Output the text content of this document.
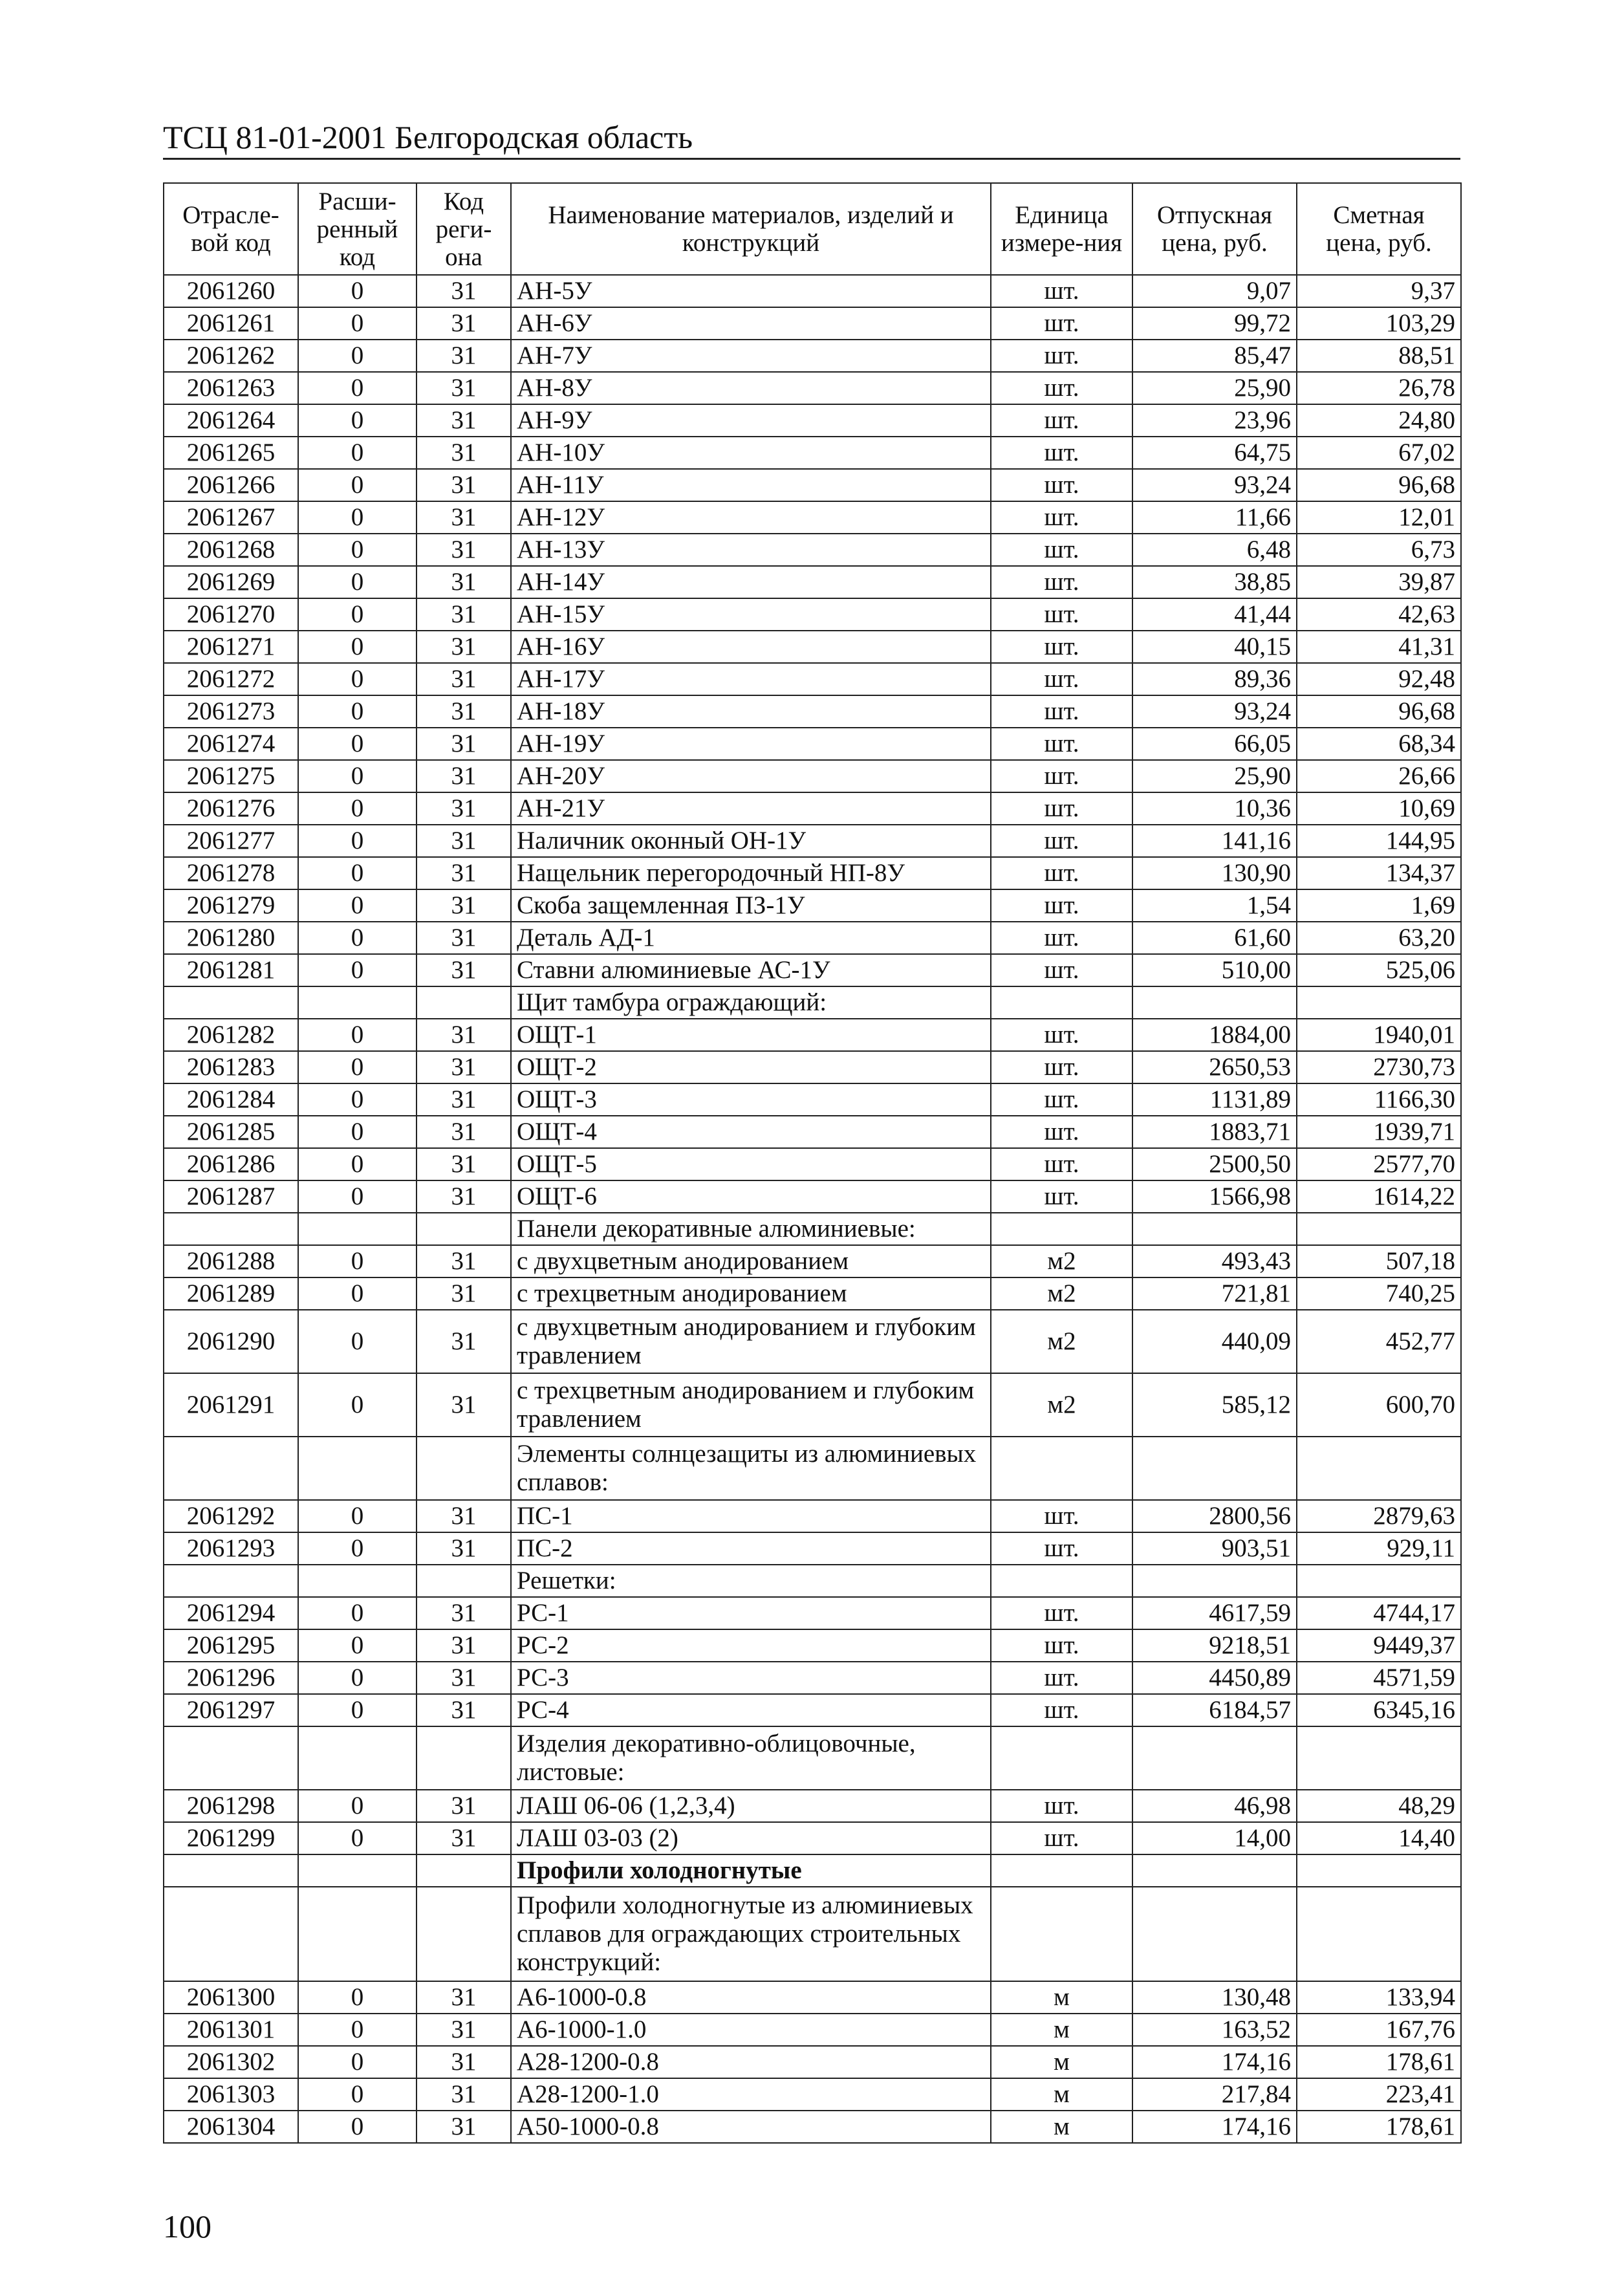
ТСЦ 81-01-2001 Белгородская область
Отрасле-вой код	Расши-ренный код	Код реги-она	Наименование материалов, изделий и конструкций	Единица измере-ния	Отпускная цена, руб.	Сметная цена, руб.
2061260	0	31	АН-5У	шт.	9,07	9,37
2061261	0	31	АН-6У	шт.	99,72	103,29
2061262	0	31	АН-7У	шт.	85,47	88,51
2061263	0	31	АН-8У	шт.	25,90	26,78
2061264	0	31	АН-9У	шт.	23,96	24,80
2061265	0	31	АН-10У	шт.	64,75	67,02
2061266	0	31	АН-11У	шт.	93,24	96,68
2061267	0	31	АН-12У	шт.	11,66	12,01
2061268	0	31	АН-13У	шт.	6,48	6,73
2061269	0	31	АН-14У	шт.	38,85	39,87
2061270	0	31	АН-15У	шт.	41,44	42,63
2061271	0	31	АН-16У	шт.	40,15	41,31
2061272	0	31	АН-17У	шт.	89,36	92,48
2061273	0	31	АН-18У	шт.	93,24	96,68
2061274	0	31	АН-19У	шт.	66,05	68,34
2061275	0	31	АН-20У	шт.	25,90	26,66
2061276	0	31	АН-21У	шт.	10,36	10,69
2061277	0	31	Наличник оконный ОН-1У	шт.	141,16	144,95
2061278	0	31	Нащельник перегородочный НП-8У	шт.	130,90	134,37
2061279	0	31	Скоба защемленная ПЗ-1У	шт.	1,54	1,69
2061280	0	31	Деталь АД-1	шт.	61,60	63,20
2061281	0	31	Ставни алюминиевые АС-1У	шт.	510,00	525,06
			Щит тамбура ограждающий:			
2061282	0	31	ОЩТ-1	шт.	1884,00	1940,01
2061283	0	31	ОЩТ-2	шт.	2650,53	2730,73
2061284	0	31	ОЩТ-3	шт.	1131,89	1166,30
2061285	0	31	ОЩТ-4	шт.	1883,71	1939,71
2061286	0	31	ОЩТ-5	шт.	2500,50	2577,70
2061287	0	31	ОЩТ-6	шт.	1566,98	1614,22
			Панели декоративные алюминиевые:			
2061288	0	31	с двухцветным анодированием	м2	493,43	507,18
2061289	0	31	с трехцветным анодированием	м2	721,81	740,25
2061290	0	31	с двухцветным анодированием и глубоким травлением	м2	440,09	452,77
2061291	0	31	с трехцветным анодированием и глубоким травлением	м2	585,12	600,70
			Элементы солнцезащиты из алюминиевых сплавов:			
2061292	0	31	ПС-1	шт.	2800,56	2879,63
2061293	0	31	ПС-2	шт.	903,51	929,11
			Решетки:			
2061294	0	31	РС-1	шт.	4617,59	4744,17
2061295	0	31	РС-2	шт.	9218,51	9449,37
2061296	0	31	РС-3	шт.	4450,89	4571,59
2061297	0	31	РС-4	шт.	6184,57	6345,16
			Изделия декоративно-облицовочные, листовые:			
2061298	0	31	ЛАШ 06-06 (1,2,3,4)	шт.	46,98	48,29
2061299	0	31	ЛАШ 03-03 (2)	шт.	14,00	14,40
			Профили холодногнутые			
			Профили холодногнутые из алюминиевых сплавов для ограждающих строительных конструкций:			
2061300	0	31	А6-1000-0.8	м	130,48	133,94
2061301	0	31	А6-1000-1.0	м	163,52	167,76
2061302	0	31	А28-1200-0.8	м	174,16	178,61
2061303	0	31	А28-1200-1.0	м	217,84	223,41
2061304	0	31	А50-1000-0.8	м	174,16	178,61
100
